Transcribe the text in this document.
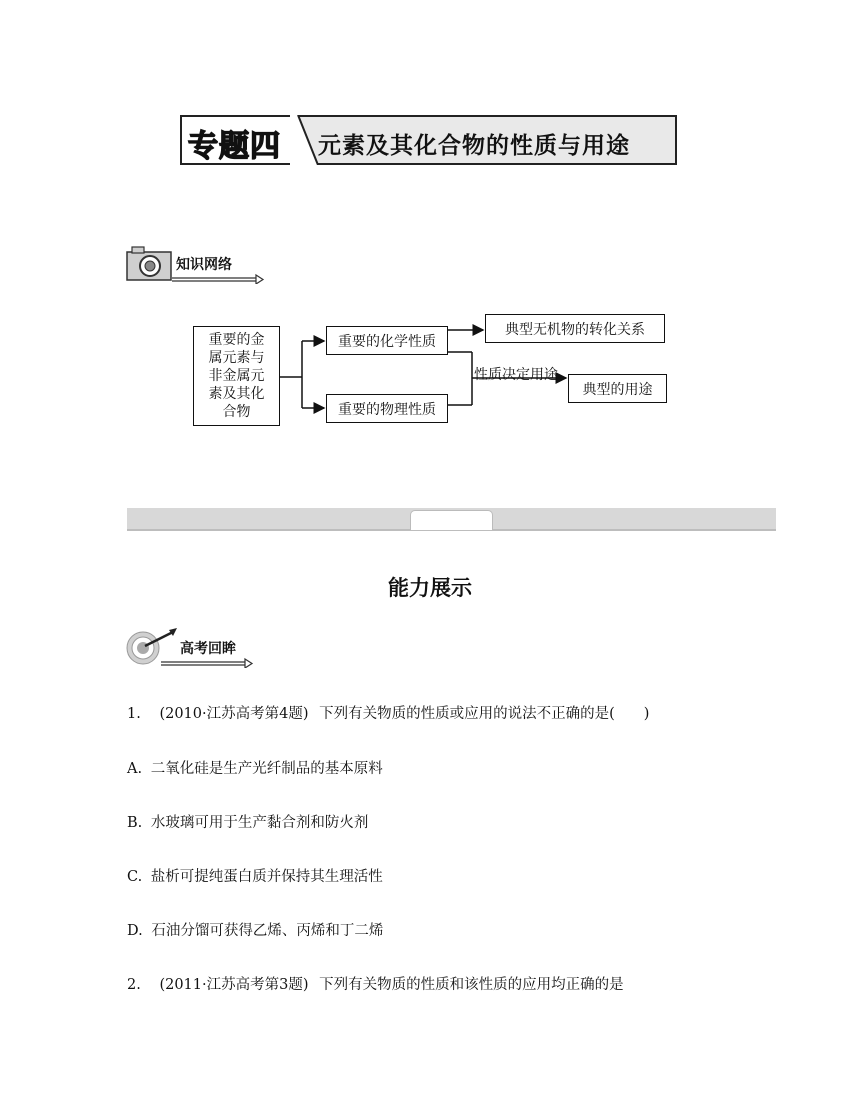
专题四 元素及其化合物的性质与用途
知识网络
重要的金
属元素与
非金属元
素及其化
合物
重要的化学性质
重要的物理性质
典型无机物的转化关系
典型的用途
性质决定用途
能力展示
高考回眸
1. (2010·江苏高考第4题) 下列有关物质的性质或应用的说法不正确的是(　　)
A. 二氧化硅是生产光纤制品的基本原料
B. 水玻璃可用于生产黏合剂和防火剂
C. 盐析可提纯蛋白质并保持其生理活性
D. 石油分馏可获得乙烯、丙烯和丁二烯
2. (2011·江苏高考第3题) 下列有关物质的性质和该性质的应用均正确的是
